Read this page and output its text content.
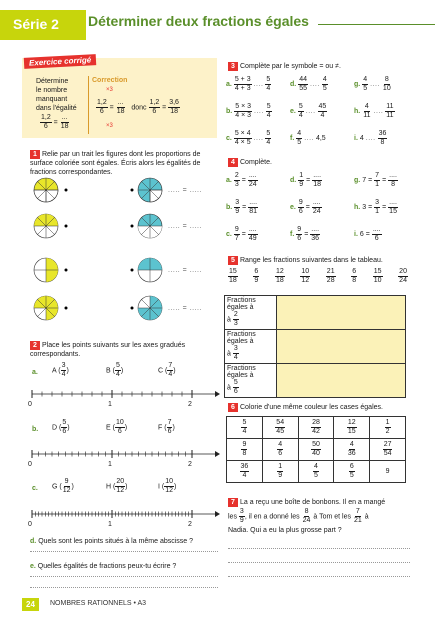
Série 2	Déterminer deux fractions égales
Exercice corrigé
Détermine
le nombre
manquant
dans l'égalité
$\frac{1,2}{6} = \frac{...}{18}$
Correction
×3
$\frac{1,2}{6} = \frac{...}{18}$ donc $\frac{1,2}{6} = \frac{3,6}{18}$
×3
1 Relie par un trait les figures dont les proportions de surface coloriée sont égales. Écris alors les égalités de fractions correspondantes.
..... = .....
..... = .....
..... = .....
..... = .....
2 Place les points suivants sur les axes gradués correspondants.
a. A ( $\frac{3}{4}$ )	B ( $\frac{5}{4}$ )	C ( $\frac{7}{4}$ )
0	1	2
b. D ( $\frac{5}{6}$ )	E ( $\frac{10}{6}$ )	F ( $\frac{7}{6}$ )
0	1	2
c. G ( $\frac{9}{12}$ )	H ( $\frac{20}{12}$ )	I ( $\frac{10}{12}$ )
0	1	2
d. Quels sont les points situés à la même abscisse ?
e. Quelles égalités de fractions peux-tu écrire ?
3 Complète par le symbole = ou ≠.
a. $\frac{5 + 3}{4 + 3}$ .... $\frac{5}{4}$	d. $\frac{44}{55}$ .... $\frac{4}{5}$	g. $\frac{4}{5}$ .... $\frac{8}{10}$
b. $\frac{5 \times 3}{4 \times 3}$ .... $\frac{5}{4}$	e. $\frac{5}{4}$ .... $\frac{45}{4}$	h. $\frac{4}{11}$ .... $\frac{11}{11}$
c. $\frac{5 \times 4}{4 \times 5}$ .... $\frac{5}{4}$	f. $\frac{4}{5}$ .... 4,5	i. 4 .... $\frac{36}{8}$
4 Complète.
a. $\frac{2}{3} = \frac{....}{24}$	d. $\frac{1}{9} = \frac{....}{18}$	g. $7 = \frac{7}{1} = \frac{....}{8}$
b. $\frac{3}{9} = \frac{....}{81}$	e. $\frac{9}{6} = \frac{....}{24}$	h. $3 = \frac{3}{1} = \frac{....}{15}$
c. $\frac{9}{7} = \frac{....}{49}$	f. $\frac{9}{6} = \frac{....}{36}$	i. $6 = \frac{....}{6}$
5 Range les fractions suivantes dans le tableau.
$\frac{15}{18} \frac{6}{9} \frac{12}{18} \frac{10}{12} \frac{21}{28} \frac{6}{8} \frac{15}{10} \frac{20}{24}$
Fractions égales à
à $\frac{2}{3}$

Fractions égales à
à $\frac{3}{4}$

Fractions égales à
à $\frac{5}{6}$

6 Colorie d'une même couleur les cases égales.
$\frac{5}{4}$	$\frac{54}{45}$	$\frac{28}{42}$	$\frac{12}{15}$	$\frac{1}{2}$

$\frac{9}{8}$	$\frac{4}{6}$	$\frac{50}{40}$	$\frac{4}{36}$	$\frac{27}{54}$

$\frac{36}{4}$	$\frac{1}{9}$	$\frac{4}{5}$	$\frac{6}{5}$	9
7 La a reçu une boîte de bonbons. Il en a mangé
les $\frac{3}{9}$ , il en a donné les $\frac{8}{24}$ à Tom et les $\frac{7}{21}$ à
Nadia. Qui a eu la plus grosse part ?
24	NOMBRES RATIONNELS • A3
